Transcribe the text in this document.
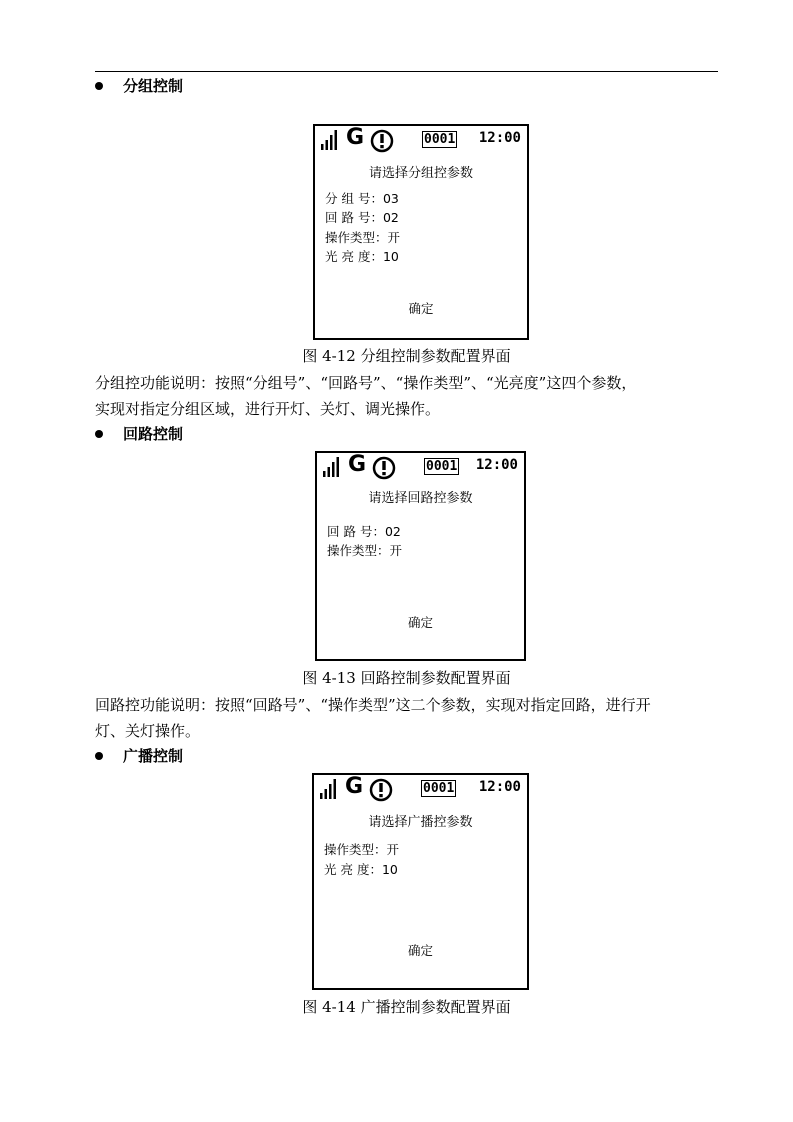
分组控制
G	0001 12:00
请选择分组控参数
分 组 号：03
回 路 号：02
操作类型：开
光 亮 度：10
确定
图 4-12 分组控制参数配置界面
分组控功能说明：按照“分组号”、“回路号”、“操作类型”、“光亮度”这四个参数，
实现对指定分组区域，进行开灯、关灯、调光操作。
回路控制
G	0001 12:00
请选择回路控参数
回 路 号：02
操作类型：开
确定
图 4-13 回路控制参数配置界面
回路控功能说明：按照“回路号”、“操作类型”这二个参数，实现对指定回路，进行开
灯、关灯操作。
广播控制
G	0001 12:00
请选择广播控参数
操作类型：开
光 亮 度：10
确定
图 4-14 广播控制参数配置界面
